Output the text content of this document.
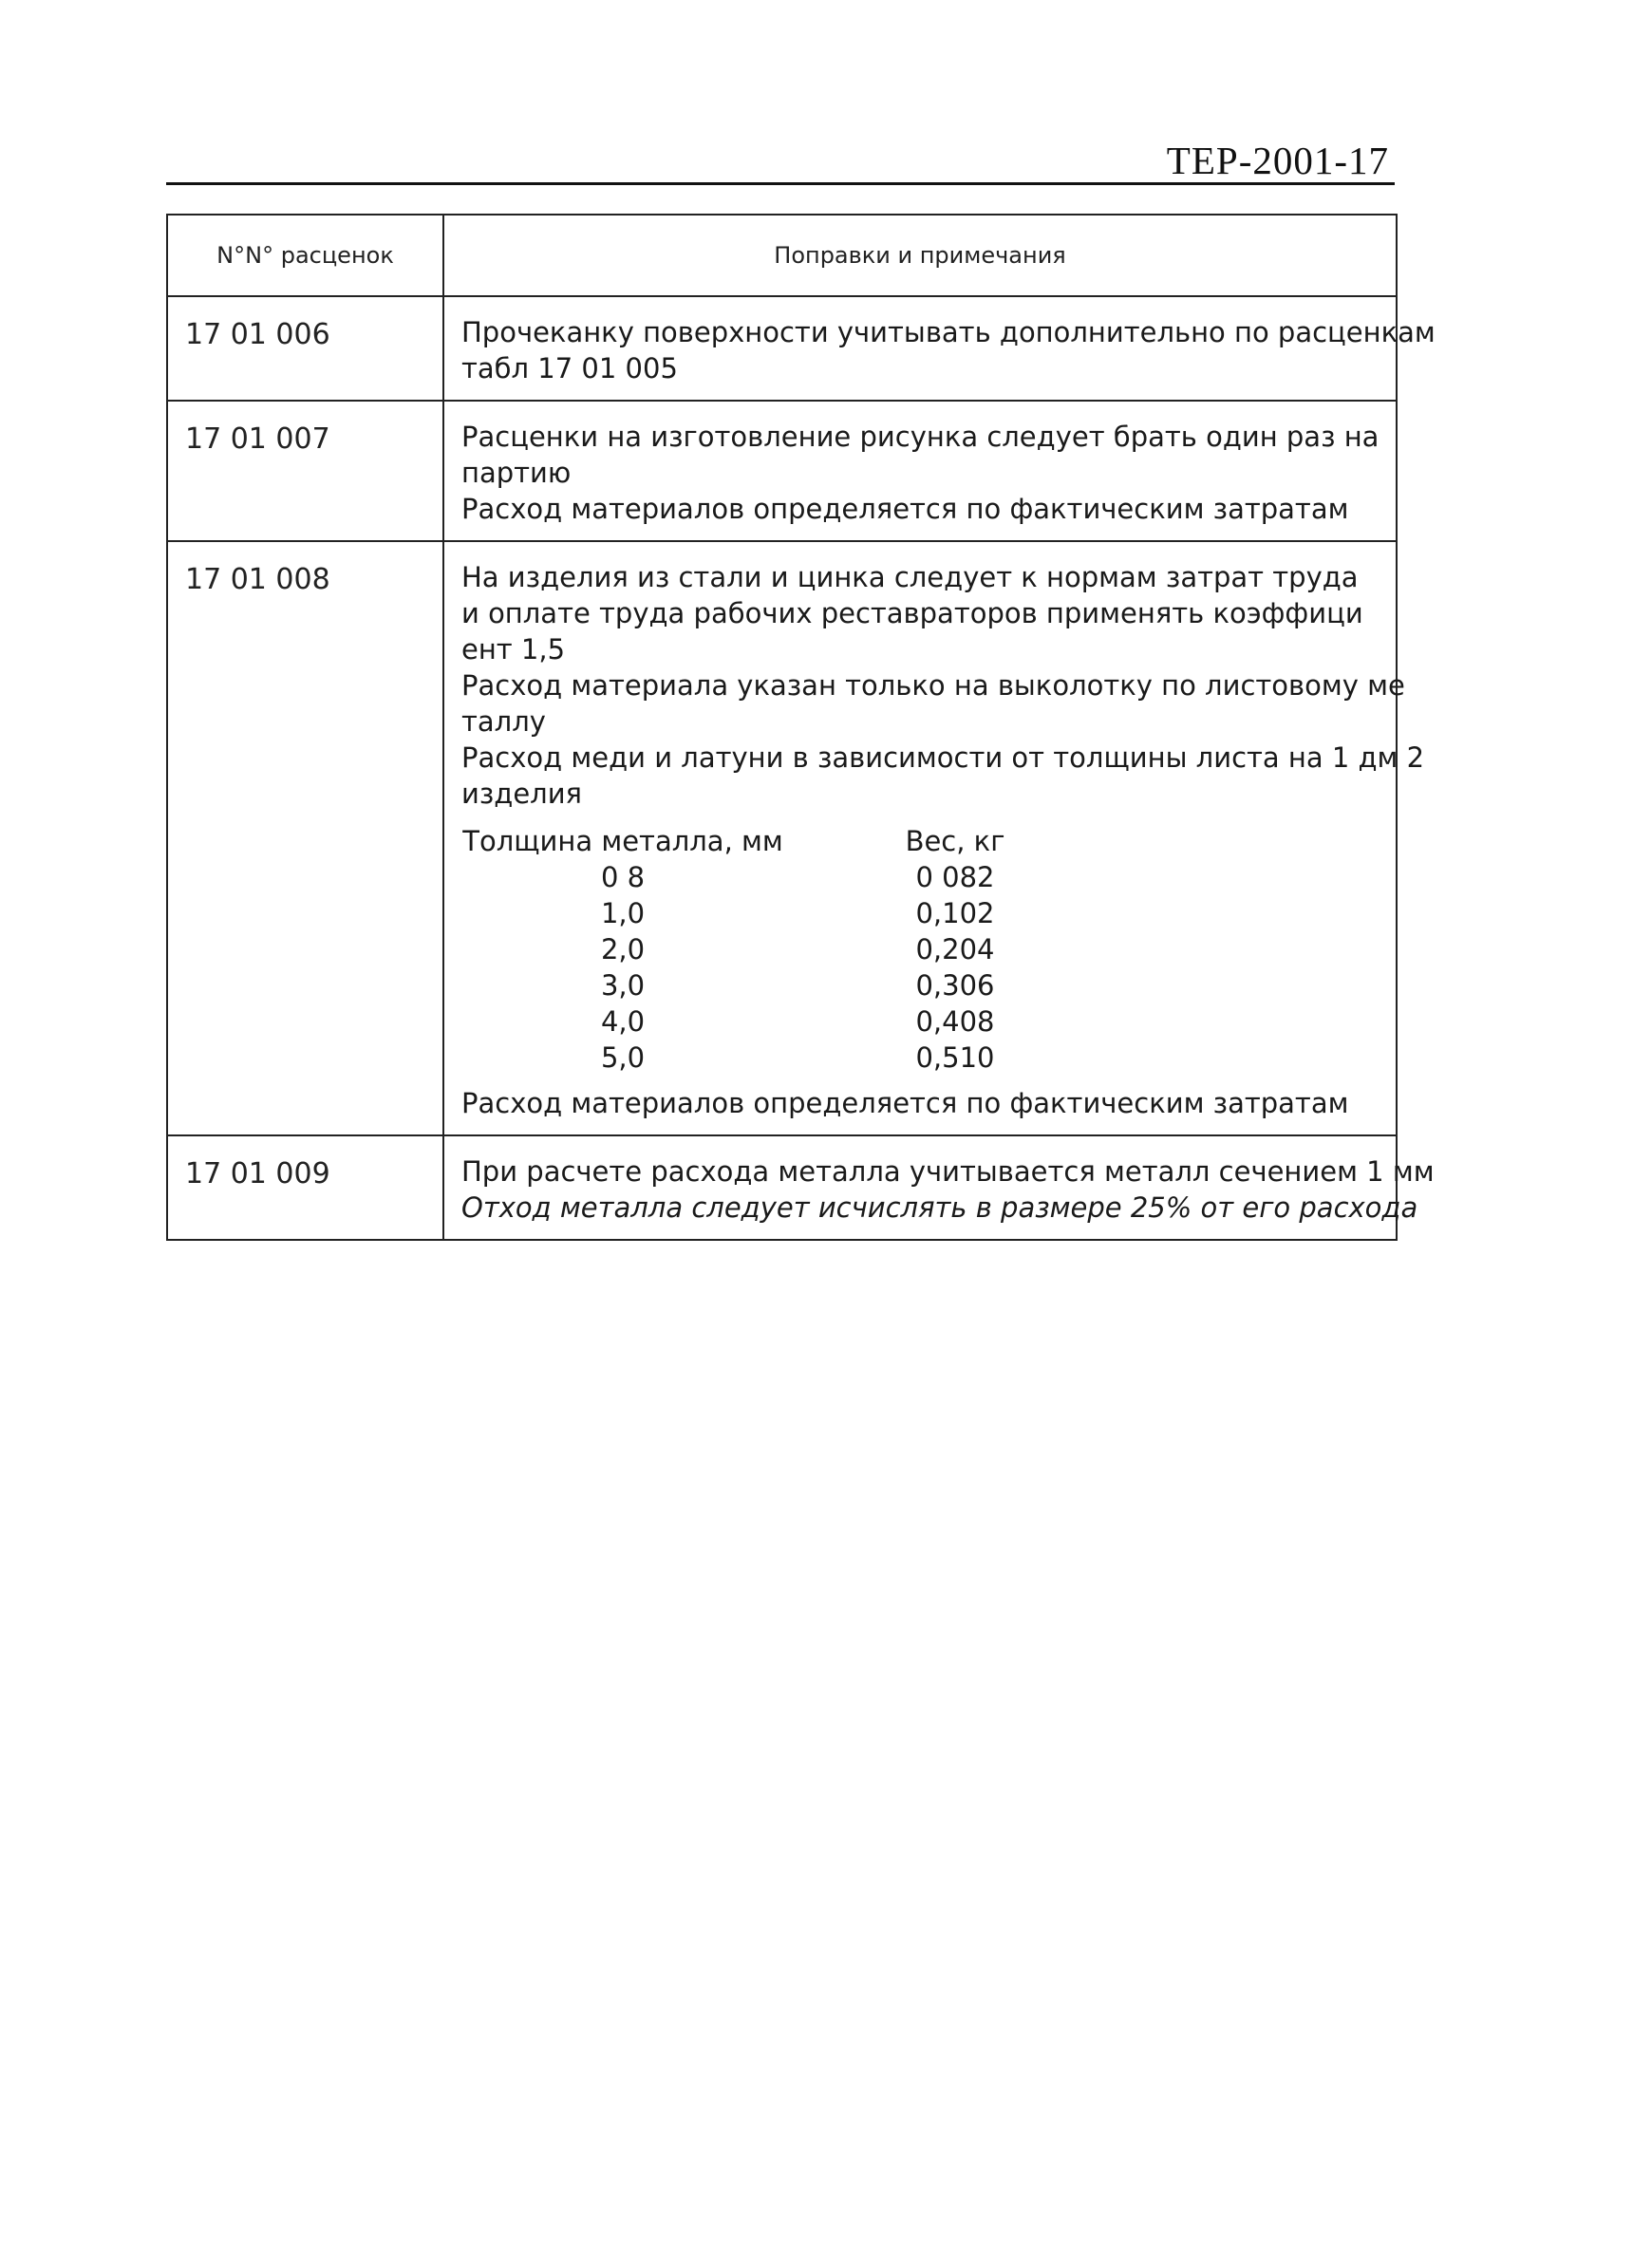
ТЕР-2001-17
N°N° расценок	Поправки и примечания
17 01 006	Прочеканку поверхности учитывать дополнительно по расценкам
табл 17 01 005

17 01 007	Расценки на изготовление рисунка следует брать один раз на
партию
Расход материалов определяется по фактическим затратам

17 01 008	На изделия из стали и цинка следует к нормам затрат труда
и оплате труда рабочих реставраторов применять коэффици
ент 1,5
Расход материала указан только на выколотку по листовому ме
таллу
Расход меди и латуни в зависимости от толщины листа на 1 дм 2
изделия
Толщина металла, мм	Вес, кг
0 8	0 082
1,0	0,102
2,0	0,204
3,0	0,306
4,0	0,408
5,0	0,510
Расход материалов определяется по фактическим затратам

17 01 009	При расчете расхода металла учитывается металл сечением 1 мм
Отход металла следует исчислять в размере 25% от его расхода
